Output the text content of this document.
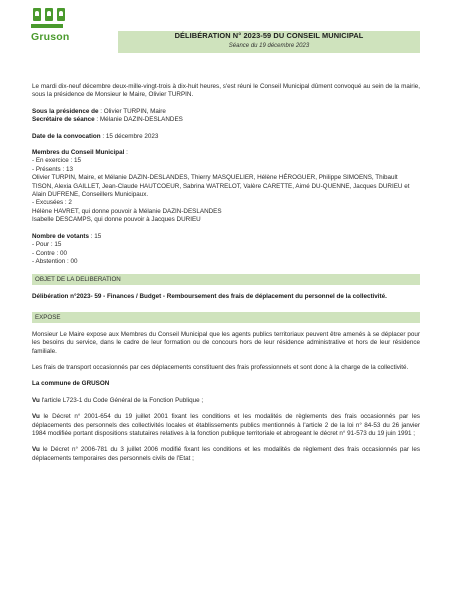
Gruson	DÉLIBÉRATION N° 2023-59 DU CONSEIL MUNICIPAL
Séance du 19 décembre 2023

Le mardi dix-neuf décembre deux-mille-vingt-trois à dix-huit heures, s'est réuni le Conseil Municipal dûment convoqué au sein de la mairie, sous la présidence de Monsieur le Maire, Olivier TURPIN.

Sous la présidence de : Olivier TURPIN, Maire

Secrétaire de séance : Mélanie DAZIN-DESLANDES

Date de la convocation : 15 décembre 2023

Membres du Conseil Municipal :

- En exercice : 15

- Présents : 13

Olivier TURPIN, Maire, et Mélanie DAZIN-DESLANDES, Thierry MASQUELIER, Hélène HÉROGUER, Philippe SIMOENS, Thibault TISON, Alexia GAILLET, Jean-Claude HAUTCOEUR, Sabrina WATRELOT, Valère CARETTE, Aimé DU-QUENNE, Jacques DURIEU et Alain DUFRENE, Conseillers Municipaux.

- Excusées : 2

Hélène HAVRET, qui donne pouvoir à Mélanie DAZIN-DESLANDES

Isabelle DESCAMPS, qui donne pouvoir à Jacques DURIEU

Nombre de votants : 15

- Pour : 15

- Contre : 00

- Abstention : 00

OBJET DE LA DELIBERATION

Délibération n°2023- 59 - Finances / Budget - Remboursement des frais de déplacement du personnel de la collectivité.

EXPOSE

Monsieur Le Maire expose aux Membres du Conseil Municipal que les agents publics territoriaux peuvent être amenés à se déplacer pour les besoins du service, dans le cadre de leur formation ou de concours hors de leur résidence administrative et hors de leur résidence familiale.

Les frais de transport occasionnés par ces déplacements constituent des frais professionnels et sont donc à la charge de la collectivité.

La commune de GRUSON

Vu l'article L723-1 du Code Général de la Fonction Publique ;

Vu le Décret n° 2001-654 du 19 juillet 2001 fixant les conditions et les modalités de règlements des frais occasionnés par les déplacements des personnels des collectivités locales et établissements publics mentionnés à l'article 2 de la loi n° 84-53 du 26 janvier 1984 modifiée portant dispositions statutaires relatives à la fonction publique territoriale et abrogeant le décret n° 91-573 du 19 juin 1991 ;

Vu le Décret n° 2006-781 du 3 juillet 2006 modifié fixant les conditions et les modalités de règlement des frais occasionnés par les déplacements temporaires des personnels civils de l'Etat ;
